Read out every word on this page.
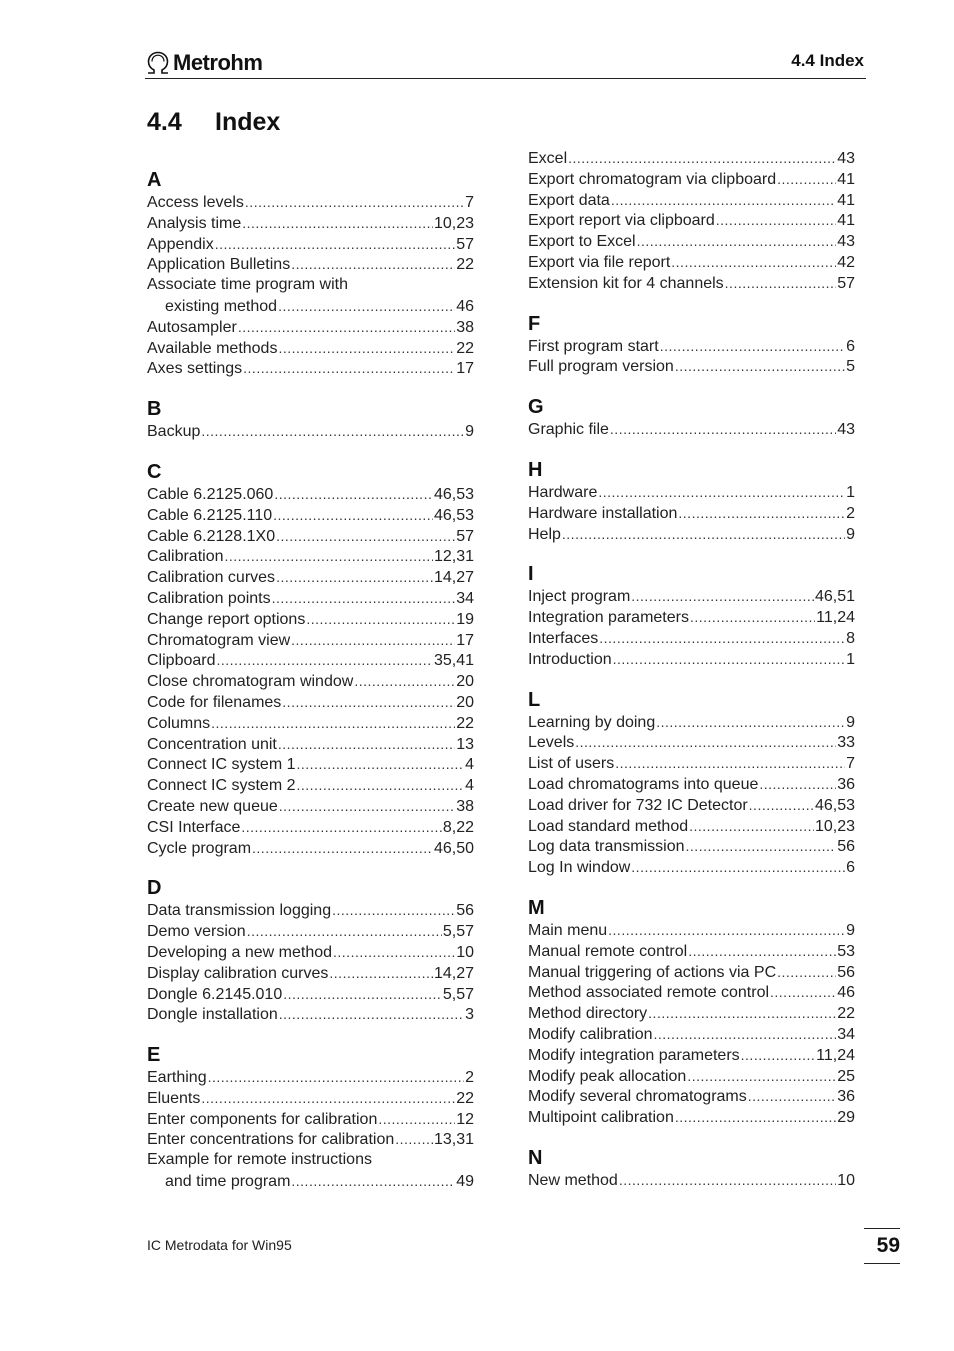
Metrohm	4.4 Index
4.4 Index
A
Access levels .....	7
Analysis time .....	10,23
Appendix .....	57
Application Bulletins .....	22
Associate time program with
existing method .....	46
Autosampler .....	38
Available methods .....	22
Axes settings .....	17
B
Backup .....	9
C
Cable 6.2125.060 .....	46,53
Cable 6.2125.110 .....	46,53
Cable 6.2128.1X0 .....	57
Calibration .....	12,31
Calibration curves .....	14,27
Calibration points .....	34
Change report options .....	19
Chromatogram view .....	17
Clipboard .....	35,41
Close chromatogram window .....	20
Code for filenames .....	20
Columns .....	22
Concentration unit .....	13
Connect IC system 1 .....	4
Connect IC system 2 .....	4
Create new queue .....	38
CSI Interface .....	8,22
Cycle program .....	46,50
D
Data transmission logging .....	56
Demo version .....	5,57
Developing a new method .....	10
Display calibration curves .....	14,27
Dongle 6.2145.010 .....	5,57
Dongle installation .....	3
E
Earthing .....	2
Eluents .....	22
Enter components for calibration .....	12
Enter concentrations for calibration ..... 13,31
Example for remote instructions
and time program .....	49
Excel .....	43
Export chromatogram via clipboard .....	41
Export data .....	41
Export report via clipboard .....	41
Export to Excel .....	43
Export via file report .....	42
Extension kit for 4 channels .....	57
F
First program start .....	6
Full program version .....	5
G
Graphic file .....	43
H
Hardware .....	1
Hardware installation .....	2
Help .....	9
I
Inject program .....	46,51
Integration parameters .....	11,24
Interfaces .....	8
Introduction .....	1
L
Learning by doing .....	9
Levels .....	33
List of users .....	7
Load chromatograms into queue .....	36
Load driver for 732 IC Detector .....	46,53
Load standard method .....	10,23
Log data transmission .....	56
Log In window .....	6
M
Main menu .....	9
Manual remote control .....	53
Manual triggering of actions via PC .....	56
Method associated remote control .....	46
Method directory .....	22
Modify calibration .....	34
Modify integration parameters .....	11,24
Modify peak allocation .....	25
Modify several chromatograms .....	36
Multipoint calibration .....	29
N
New method .....	10
IC Metrodata for Win95	59
